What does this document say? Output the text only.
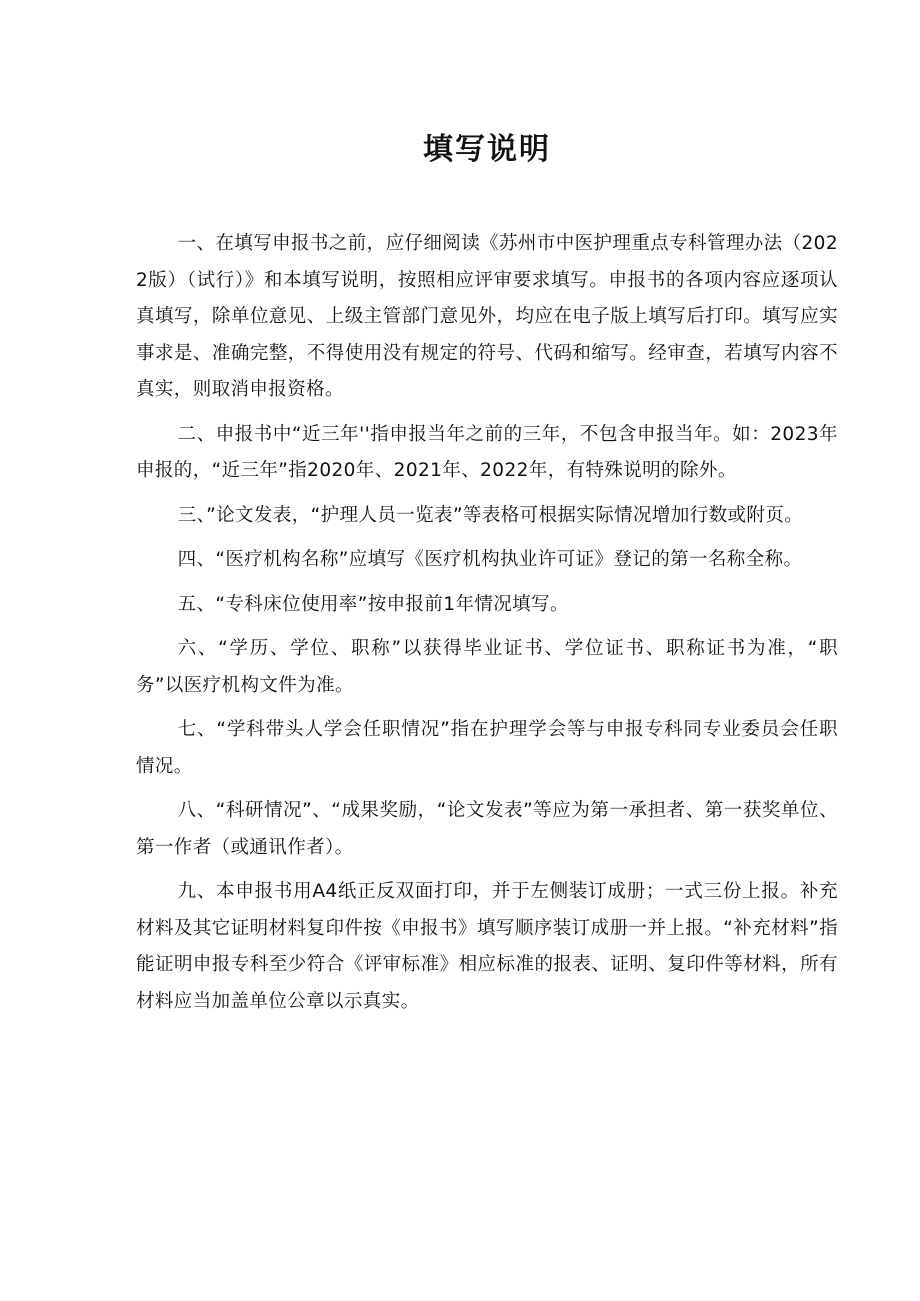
填写说明

一、在填写申报书之前，应仔细阅读《苏州市中医护理重点专科管理办法（2022版）（试行）》和本填写说明，按照相应评审要求填写。申报书的各项内容应逐项认真填写，除单位意见、上级主管部门意见外，均应在电子版上填写后打印。填写应实事求是、准确完整，不得使用没有规定的符号、代码和缩写。经审查，若填写内容不真实，则取消申报资格。

二、申报书中“近三年''指申报当年之前的三年，不包含申报当年。如：2023年申报的，“近三年”指2020年、2021年、2022年，有特殊说明的除外。

三、”论文发表，“护理人员一览表”等表格可根据实际情况增加行数或附页。

四、“医疗机构名称”应填写《医疗机构执业许可证》登记的第一名称全称。

五、“专科床位使用率”按申报前1年情况填写。

六、“学历、学位、职称”以获得毕业证书、学位证书、职称证书为准，“职务”以医疗机构文件为准。

七、“学科带头人学会任职情况”指在护理学会等与申报专科同专业委员会任职情况。

八、“科研情况”、“成果奖励，“论文发表”等应为第一承担者、第一获奖单位、第一作者（或通讯作者）。

九、本申报书用A4纸正反双面打印，并于左侧装订成册；一式三份上报。补充材料及其它证明材料复印件按《申报书》填写顺序装订成册一并上报。“补充材料”指能证明申报专科至少符合《评审标准》相应标准的报表、证明、复印件等材料，所有材料应当加盖单位公章以示真实。
